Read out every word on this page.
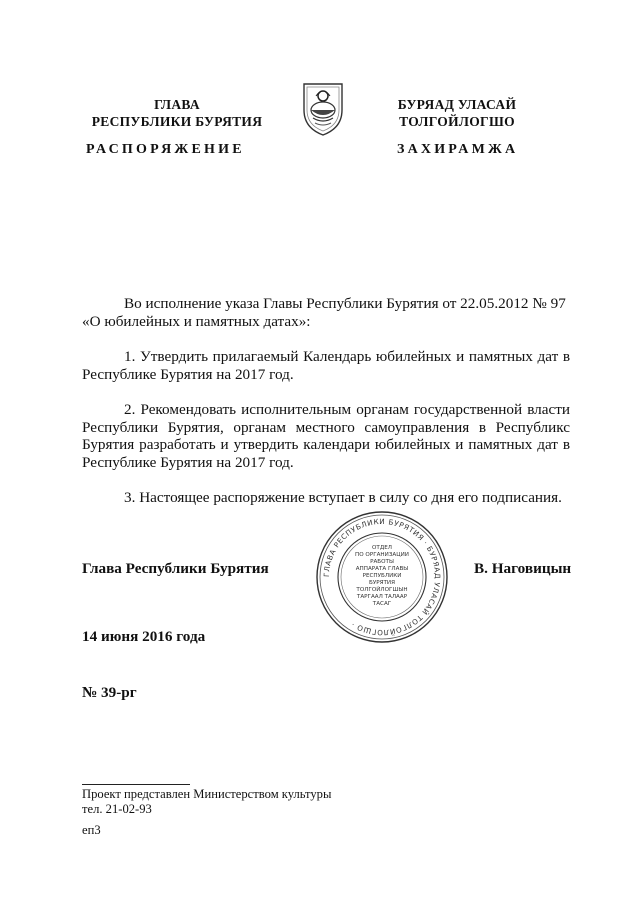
ГЛАВА
РЕСПУБЛИКИ БУРЯТИЯ
РАСПОРЯЖЕНИЕ
БУРЯАД УЛАСАЙ
ТОЛГОЙЛОГШО
ЗАХИРАМЖА

Во исполнение указа Главы Республики Бурятия от 22.05.2012 № 97

«О юбилейных и памятных датах»:

1. Утвердить прилагаемый Календарь юбилейных и памятных дат в Республике Бурятия на 2017 год.

2. Рекомендовать исполнительным органам государственной власти Республики Бурятия, органам местного самоуправления в Республикс Бурятия разработать и утвердить календари юбилейных и памятных дат в Республике Бурятия на 2017 год.

3. Настоящее распоряжение вступает в силу со дня его подписания.

ГЛАВА РЕСПУБЛИКИ БУРЯТИЯ · БУРЯАД УЛАСАЙ ТОЛГОЙЛОГШО ·
ОТДЕЛ
ПО ОРГАНИЗАЦИИ
РАБОТЫ
АППАРАТА ГЛАВЫ
РЕСПУБЛИКИ
БУРЯТИЯ
ТОЛГОЙЛОГШЫН
ТАРГААЛ ТАЛААР
ТАСАГ
Глава Республики Бурятия	В. Наговицын
14 июня 2016 года
№ 39-рг
Проект представлен Министерством культуры
тел. 21-02-93
еп3
